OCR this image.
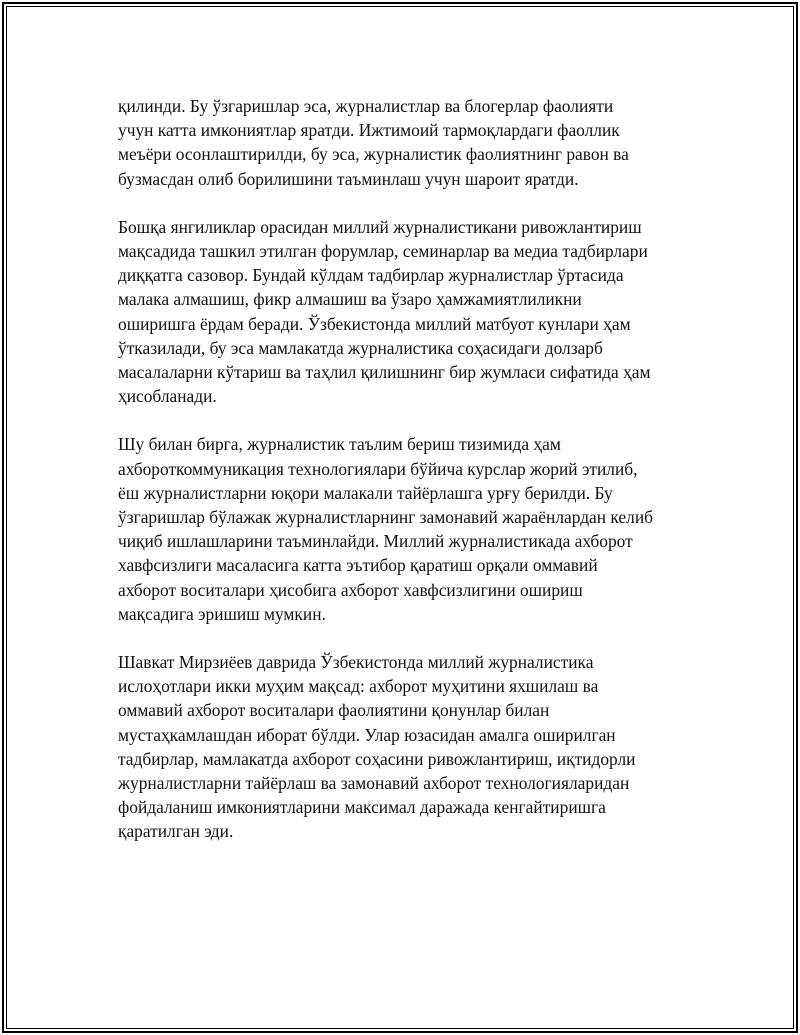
қилинди. Бу ўзгаришлар эса, журналистлар ва блогерлар фаолияти
учун катта имкониятлар яратди. Ижтимоий тармоқлардаги фаоллик
меъёри осонлаштирилди, бу эса, журналистик фаолиятнинг равон ва
бузмасдан олиб борилишини таъминлаш учун шароит яратди.

Бошқа янгиликлар орасидан миллий журналистикани ривожлантириш
мақсадида ташкил этилган форумлар, семинарлар ва медиа тадбирлари
диққатга сазовор. Бундай кўлдам тадбирлар журналистлар ўртасида
малака алмашиш, фикр алмашиш ва ўзаро ҳамжамиятлиликни
оширишга ёрдам беради. Ўзбекистонда миллий матбуот кунлари ҳам
ўтказилади, бу эса мамлакатда журналистика соҳасидаги долзарб
масалаларни кўтариш ва таҳлил қилишнинг бир жумласи сифатида ҳам
ҳисобланади.

Шу билан бирга, журналистик таълим бериш тизимида ҳам
ахбороткоммуникация технологиялари бўйича курслар жорий этилиб,
ёш журналистларни юқори малакали тайёрлашга урғу берилди. Бу
ўзгаришлар бўлажак журналистларнинг замонавий жараёнлардан келиб
чиқиб ишлашларини таъминлайди. Миллий журналистикада ахборот
хавфсизлиги масаласига катта эътибор қаратиш орқали оммавий
ахборот воситалари ҳисобига ахборот хавфсизлигини ошириш
мақсадига эришиш мумкин.

Шавкат Мирзиёев даврида Ўзбекистонда миллий журналистика
ислоҳотлари икки муҳим мақсад: ахборот муҳитини яхшилаш ва
оммавий ахборот воситалари фаолиятини қонунлар билан
мустаҳкамлашдан иборат бўлди. Улар юзасидан амалга оширилган
тадбирлар, мамлакатда ахборот соҳасини ривожлантириш, иқтидорли
журналистларни тайёрлаш ва замонавий ахборот технологияларидан
фойдаланиш имкониятларини максимал даражада кенгайтиришга
қаратилган эди.
